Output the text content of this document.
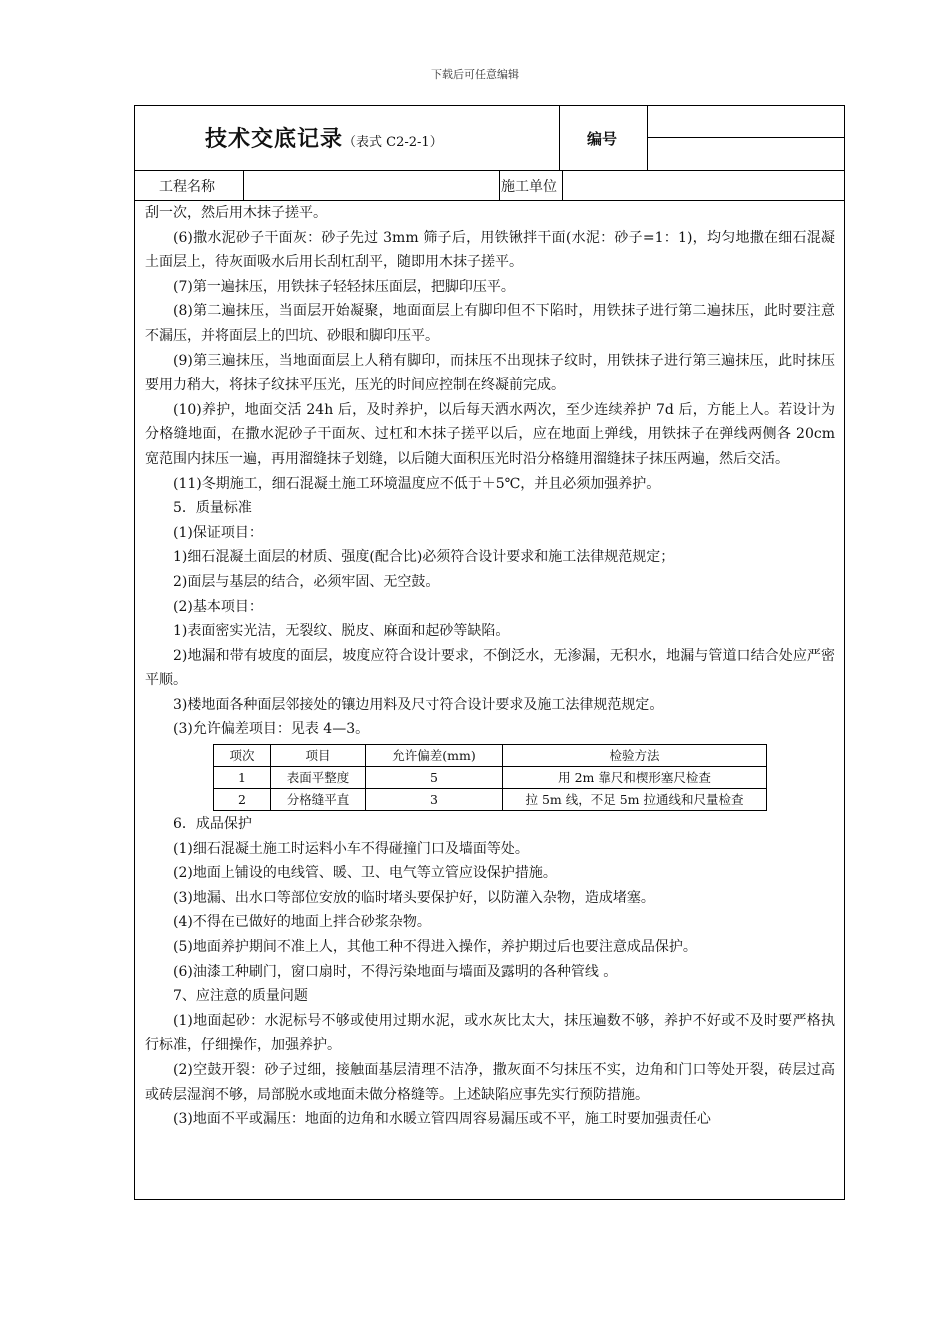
下载后可任意编辑
技术交底记录（表式 C2-2-1）	编号
工程名称	施工单位

刮一次，然后用木抹子搓平。

(6)撒水泥砂子干面灰：砂子先过 3mm 筛子后，用铁锹拌干面(水泥：砂子=1：1)，均匀地撒在细石混凝土面层上，待灰面吸水后用长刮杠刮平，随即用木抹子搓平。

(7)第一遍抹压，用铁抹子轻轻抹压面层，把脚印压平。

(8)第二遍抹压，当面层开始凝聚，地面面层上有脚印但不下陷时，用铁抹子进行第二遍抹压，此时要注意不漏压，并将面层上的凹坑、砂眼和脚印压平。

(9)第三遍抹压，当地面面层上人稍有脚印，而抹压不出现抹子纹时，用铁抹子进行第三遍抹压，此时抹压要用力稍大，将抹子纹抹平压光，压光的时间应控制在终凝前完成。

(10)养护，地面交活 24h 后，及时养护，以后每天洒水两次，至少连续养护 7d 后，方能上人。若设计为分格缝地面，在撒水泥砂子干面灰、过杠和木抹子搓平以后，应在地面上弹线，用铁抹子在弹线两侧各 20cm 宽范围内抹压一遍，再用溜缝抹子划缝，以后随大面积压光时沿分格缝用溜缝抹子抹压两遍，然后交活。

(11)冬期施工，细石混凝土施工环境温度应不低于＋5℃，并且必须加强养护。

5．质量标准

(1)保证项目：

1)细石混凝土面层的材质、强度(配合比)必须符合设计要求和施工法律规范规定；

2)面层与基层的结合，必须牢固、无空鼓。

(2)基本项目：

1)表面密实光洁，无裂纹、脱皮、麻面和起砂等缺陷。

2)地漏和带有坡度的面层，坡度应符合设计要求，不倒泛水，无渗漏，无积水，地漏与管道口结合处应严密平顺。

3)楼地面各种面层邻接处的镶边用料及尺寸符合设计要求及施工法律规范规定。

(3)允许偏差项目：见表 4—3。

项次	项目	允许偏差(mm)	检验方法
1	表面平整度	5	用 2m 靠尺和楔形塞尺检查
2	分格缝平直	3	拉 5m 线，不足 5m 拉通线和尺量检查

6．成品保护

(1)细石混凝土施工时运料小车不得碰撞门口及墙面等处。

(2)地面上铺设的电线管、暖、卫、电气等立管应设保护措施。

(3)地漏、出水口等部位安放的临时堵头要保护好，以防灌入杂物，造成堵塞。

(4)不得在已做好的地面上拌合砂浆杂物。

(5)地面养护期间不准上人，其他工种不得进入操作，养护期过后也要注意成品保护。

(6)油漆工种刷门，窗口扇时，不得污染地面与墙面及露明的各种管线 。

7、应注意的质量问题

(1)地面起砂：水泥标号不够或使用过期水泥，或水灰比太大，抹压遍数不够，养护不好或不及时要严格执行标准，仔细操作，加强养护。

(2)空鼓开裂：砂子过细，接触面基层清理不洁净，撒灰面不匀抹压不实，边角和门口等处开裂，砖层过高或砖层湿润不够，局部脱水或地面未做分格缝等。上述缺陷应事先实行预防措施。

(3)地面不平或漏压：地面的边角和水暖立管四周容易漏压或不平，施工时要加强责任心
